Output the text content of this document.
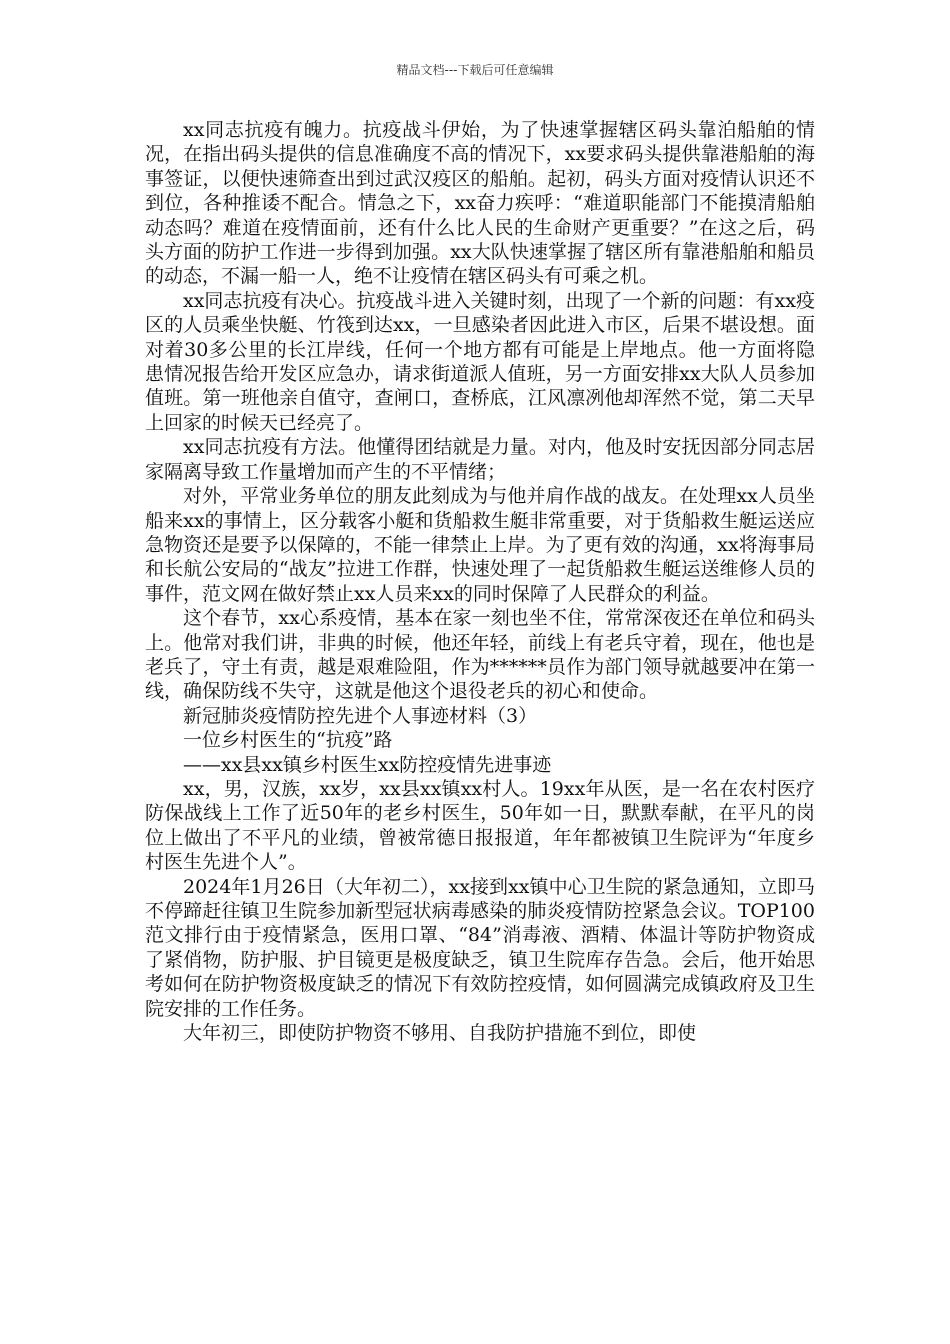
精品文档---下载后可任意编辑

xx同志抗疫有魄力。抗疫战斗伊始，为了快速掌握辖区码头靠泊船舶的情况，在指出码头提供的信息准确度不高的情况下，xx要求码头提供靠港船舶的海事签证，以便快速筛查出到过武汉疫区的船舶。起初，码头方面对疫情认识还不到位，各种推诿不配合。情急之下，xx奋力疾呼：“难道职能部门不能摸清船舶动态吗？难道在疫情面前，还有什么比人民的生命财产更重要？”在这之后，码头方面的防护工作进一步得到加强。xx大队快速掌握了辖区所有靠港船舶和船员的动态，不漏一船一人，绝不让疫情在辖区码头有可乘之机。

xx同志抗疫有决心。抗疫战斗进入关键时刻，出现了一个新的问题：有xx疫区的人员乘坐快艇、竹筏到达xx，一旦感染者因此进入市区，后果不堪设想。面对着30多公里的长江岸线，任何一个地方都有可能是上岸地点。他一方面将隐患情况报告给开发区应急办，请求街道派人值班，另一方面安排xx大队人员参加值班。第一班他亲自值守，查闸口，查桥底，江风凛冽他却浑然不觉，第二天早上回家的时候天已经亮了。

xx同志抗疫有方法。他懂得团结就是力量。对内，他及时安抚因部分同志居家隔离导致工作量增加而产生的不平情绪；

对外，平常业务单位的朋友此刻成为与他并肩作战的战友。在处理xx人员坐船来xx的事情上，区分载客小艇和货船救生艇非常重要，对于货船救生艇运送应急物资还是要予以保障的，不能一律禁止上岸。为了更有效的沟通，xx将海事局和长航公安局的“战友”拉进工作群，快速处理了一起货船救生艇运送维修人员的事件，范文网在做好禁止xx人员来xx的同时保障了人民群众的利益。

这个春节，xx心系疫情，基本在家一刻也坐不住，常常深夜还在单位和码头上。他常对我们讲，非典的时候，他还年轻，前线上有老兵守着，现在，他也是老兵了，守土有责，越是艰难险阻，作为******员作为部门领导就越要冲在第一线，确保防线不失守，这就是他这个退役老兵的初心和使命。

新冠肺炎疫情防控先进个人事迹材料（3）

一位乡村医生的“抗疫”路

——xx县xx镇乡村医生xx防控疫情先进事迹

xx，男，汉族，xx岁，xx县xx镇xx村人。19xx年从医，是一名在农村医疗防保战线上工作了近50年的老乡村医生，50年如一日，默默奉献，在平凡的岗位上做出了不平凡的业绩，曾被常德日报报道，年年都被镇卫生院评为“年度乡村医生先进个人”。

2024年1月26日（大年初二），xx接到xx镇中心卫生院的紧急通知，立即马不停蹄赶往镇卫生院参加新型冠状病毒感染的肺炎疫情防控紧急会议。TOP100范文排行由于疫情紧急，医用口罩、“84”消毒液、酒精、体温计等防护物资成了紧俏物，防护服、护目镜更是极度缺乏，镇卫生院库存告急。会后，他开始思考如何在防护物资极度缺乏的情况下有效防控疫情，如何圆满完成镇政府及卫生院安排的工作任务。

大年初三，即使防护物资不够用、自我防护措施不到位，即使
